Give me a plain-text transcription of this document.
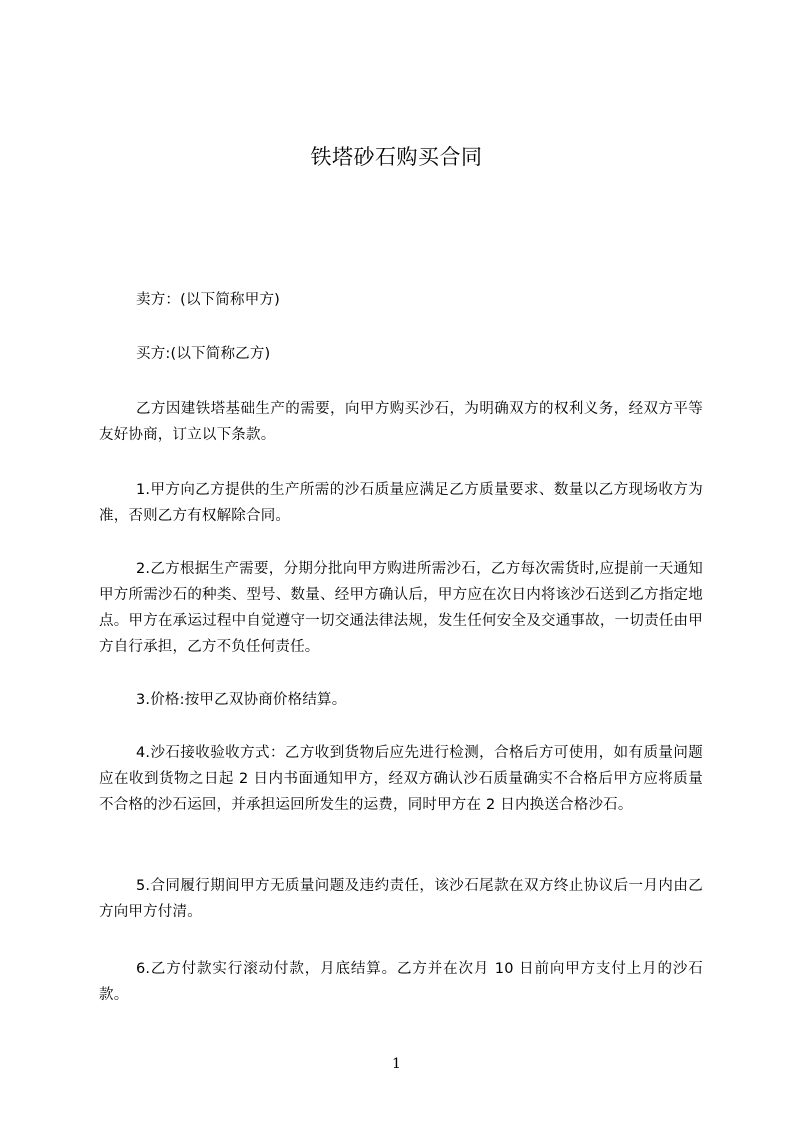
铁塔砂石购买合同
卖方：(以下简称甲方)
买方:(以下简称乙方)
乙方因建铁塔基础生产的需要，向甲方购买沙石，为明确双方的权利义务，经双方平等友好协商，订立以下条款。
1.甲方向乙方提供的生产所需的沙石质量应满足乙方质量要求、数量以乙方现场收方为准，否则乙方有权解除合同。
2.乙方根据生产需要，分期分批向甲方购进所需沙石，乙方每次需货时,应提前一天通知甲方所需沙石的种类、型号、数量、经甲方确认后，甲方应在次日内将该沙石送到乙方指定地点。甲方在承运过程中自觉遵守一切交通法律法规，发生任何安全及交通事故，一切责任由甲方自行承担，乙方不负任何责任。
3.价格:按甲乙双协商价格结算。
4.沙石接收验收方式：乙方收到货物后应先进行检测，合格后方可使用，如有质量问题应在收到货物之日起 2 日内书面通知甲方，经双方确认沙石质量确实不合格后甲方应将质量不合格的沙石运回，并承担运回所发生的运费，同时甲方在 2 日内换送合格沙石。
5.合同履行期间甲方无质量问题及违约责任，该沙石尾款在双方终止协议后一月内由乙方向甲方付清。
6.乙方付款实行滚动付款，月底结算。乙方并在次月 10 日前向甲方支付上月的沙石款。
1
